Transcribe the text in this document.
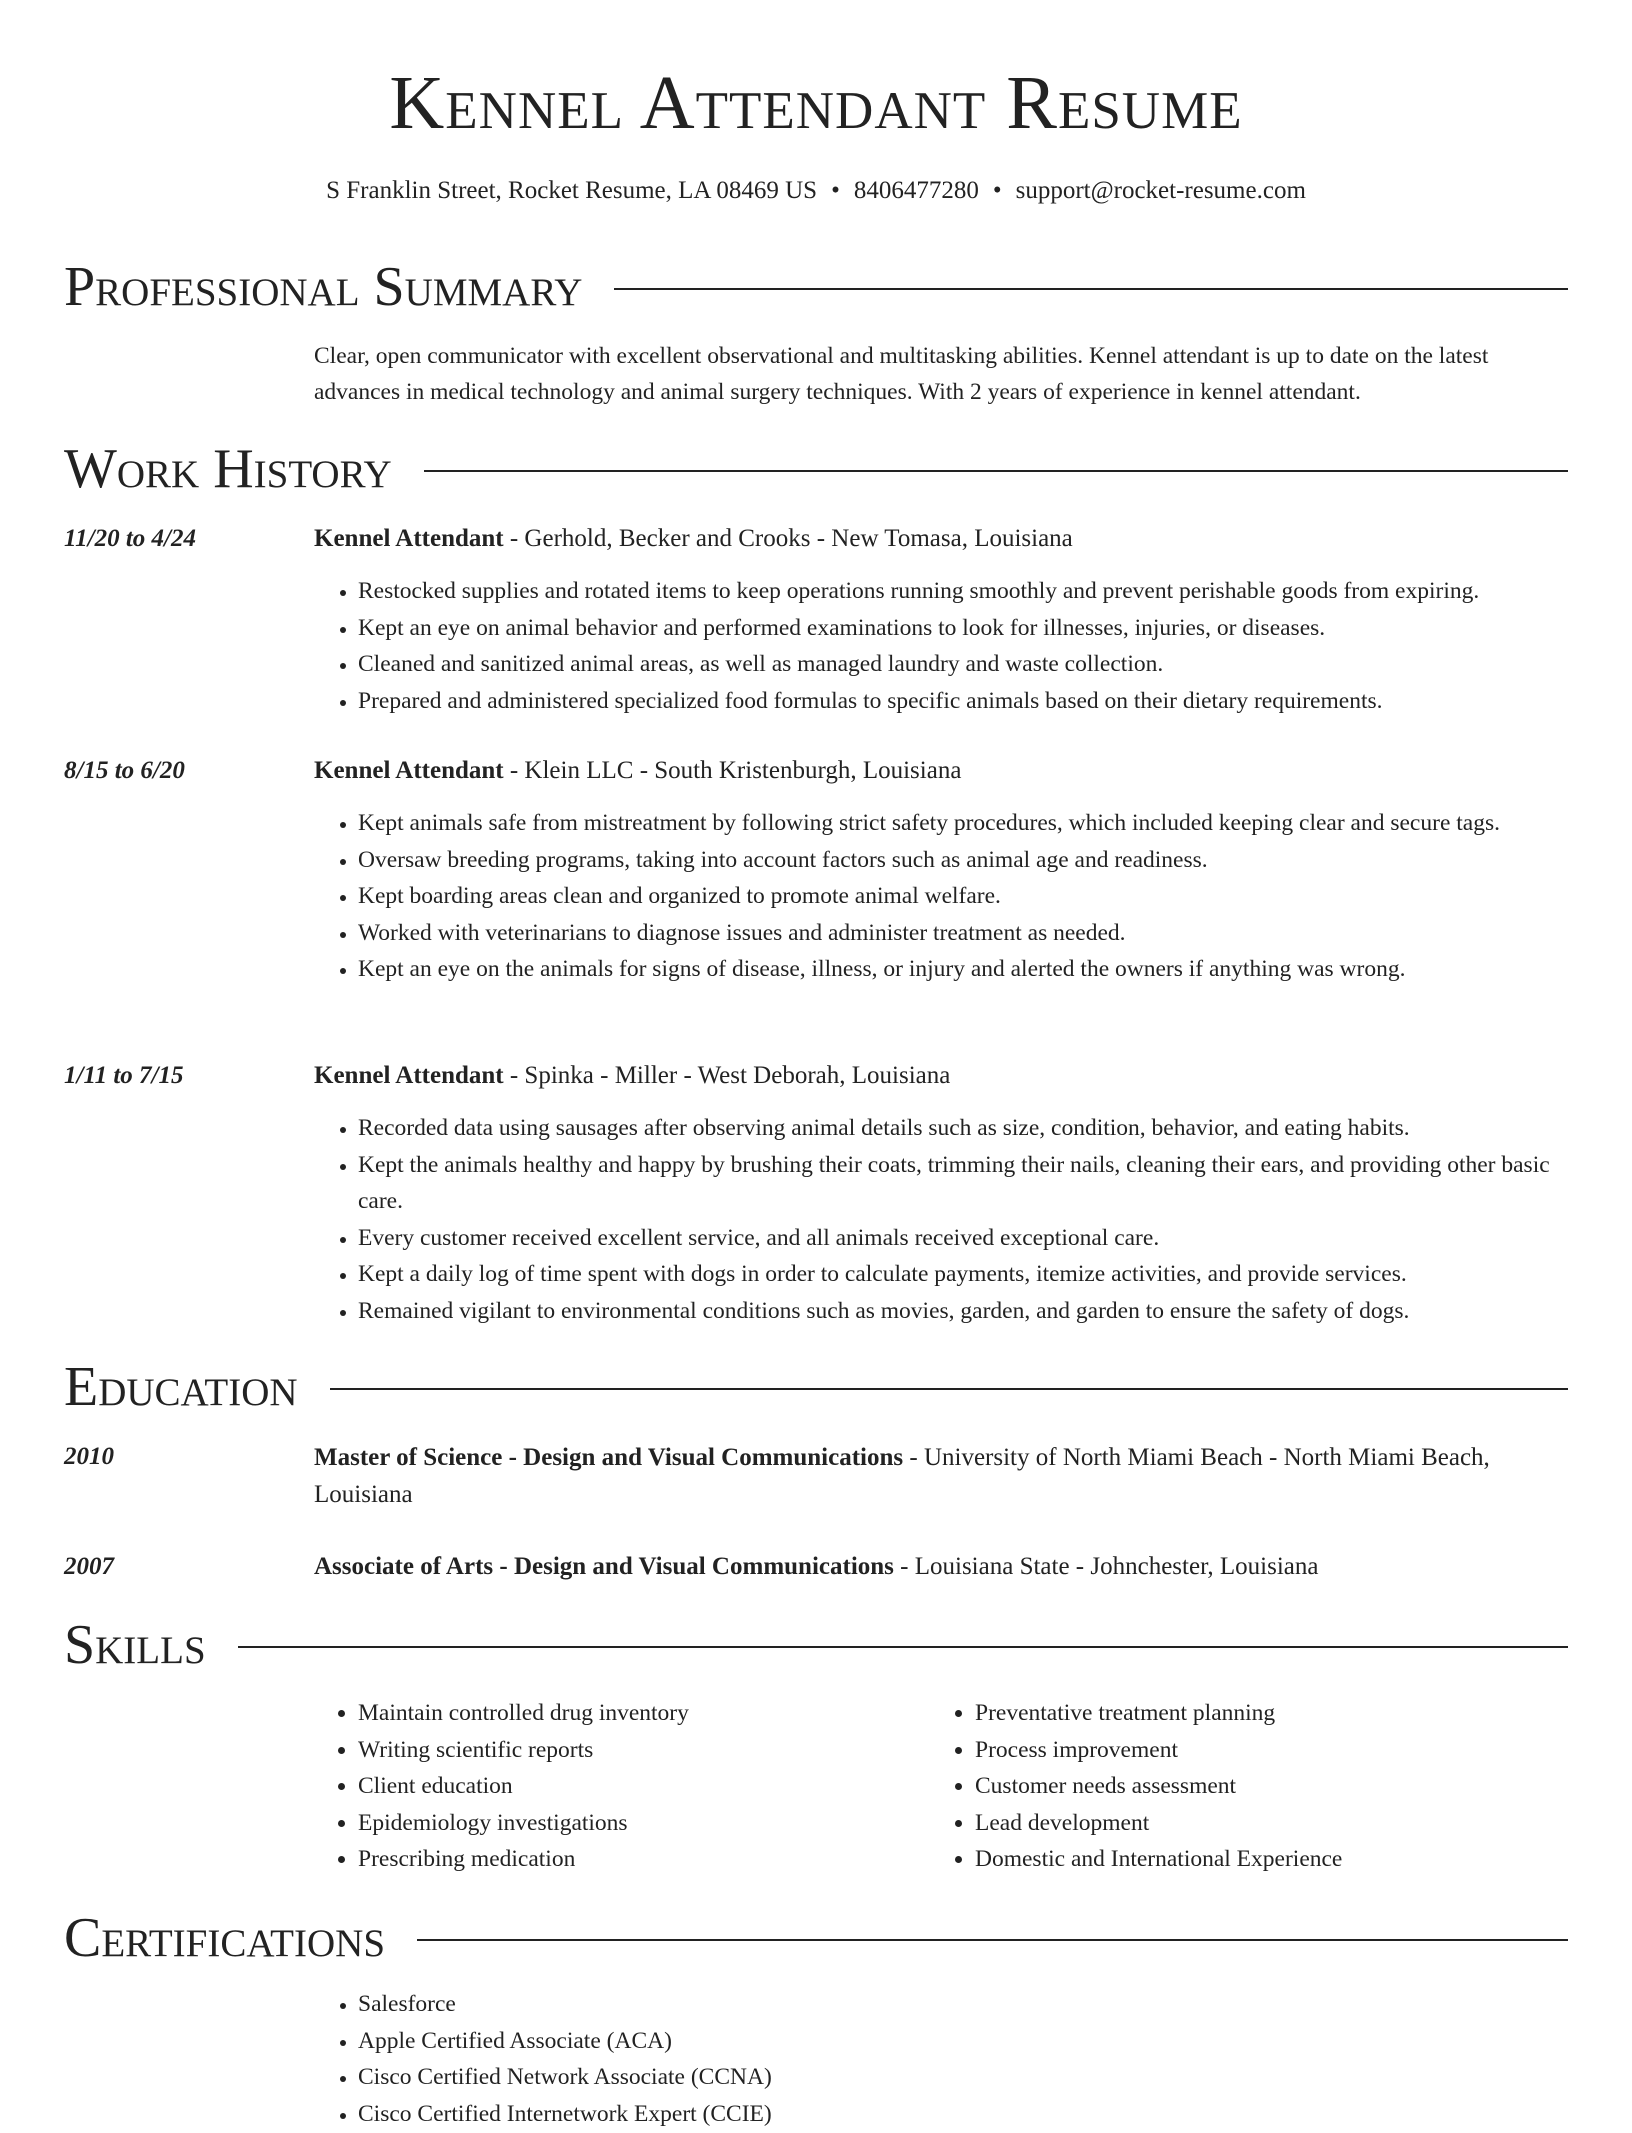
Kennel Attendant Resume
S Franklin Street, Rocket Resume, LA 08469 US • 8406477280 • support@rocket-resume.com
Professional Summary

Clear, open communicator with excellent observational and multitasking abilities. Kennel attendant is up to date on the latest advances in medical technology and animal surgery techniques. With 2 years of experience in kennel attendant.

Work History
11/20 to 4/24	Kennel Attendant - Gerhold, Becker and Crooks - New Tomasa, Louisiana
• Restocked supplies and rotated items to keep operations running smoothly and prevent perishable goods from expiring.
• Kept an eye on animal behavior and performed examinations to look for illnesses, injuries, or diseases.
• Cleaned and sanitized animal areas, as well as managed laundry and waste collection.
• Prepared and administered specialized food formulas to specific animals based on their dietary requirements.
8/15 to 6/20	Kennel Attendant - Klein LLC - South Kristenburgh, Louisiana
• Kept animals safe from mistreatment by following strict safety procedures, which included keeping clear and secure tags.
• Oversaw breeding programs, taking into account factors such as animal age and readiness.
• Kept boarding areas clean and organized to promote animal welfare.
• Worked with veterinarians to diagnose issues and administer treatment as needed.
• Kept an eye on the animals for signs of disease, illness, or injury and alerted the owners if anything was wrong.
1/11 to 7/15	Kennel Attendant - Spinka - Miller - West Deborah, Louisiana
• Recorded data using sausages after observing animal details such as size, condition, behavior, and eating habits.
• Kept the animals healthy and happy by brushing their coats, trimming their nails, cleaning their ears, and providing other basic care.
• Every customer received excellent service, and all animals received exceptional care.
• Kept a daily log of time spent with dogs in order to calculate payments, itemize activities, and provide services.
• Remained vigilant to environmental conditions such as movies, garden, and garden to ensure the safety of dogs.
Education
2010	Master of Science - Design and Visual Communications - University of North Miami Beach - North Miami Beach, Louisiana
2007	Associate of Arts - Design and Visual Communications - Louisiana State - Johnchester, Louisiana
Skills
• Maintain controlled drug inventory
• Writing scientific reports
• Client education
• Epidemiology investigations
• Prescribing medication
• Preventative treatment planning
• Process improvement
• Customer needs assessment
• Lead development
• Domestic and International Experience
Certifications
• Salesforce
• Apple Certified Associate (ACA)
• Cisco Certified Network Associate (CCNA)
• Cisco Certified Internetwork Expert (CCIE)
